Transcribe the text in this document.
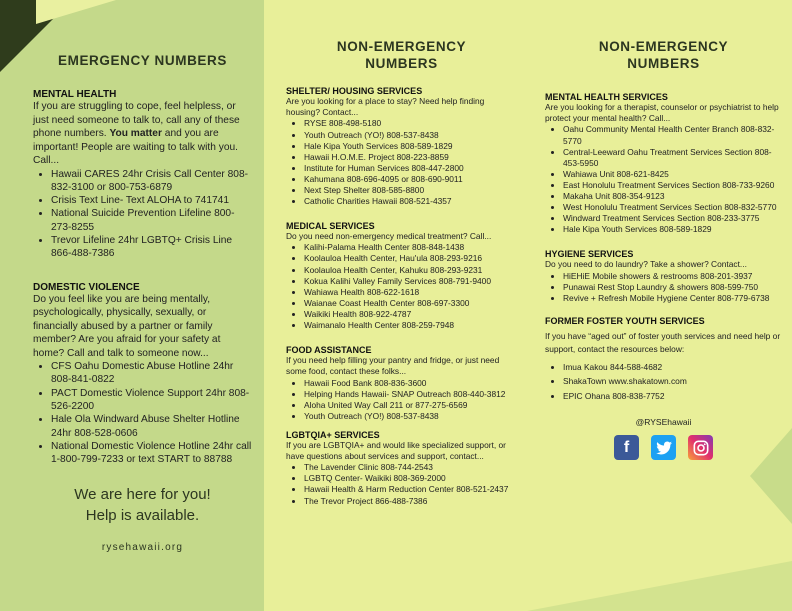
EMERGENCY NUMBERS

MENTAL HEALTH

If you are struggling to cope, feel helpless, or just need someone to talk to, call any of these phone numbers. You matter and you are important! People are waiting to talk with you. Call...

• Hawaii CARES 24hr Crisis Call Center 808-832-3100 or 800-753-6879
• Crisis Text Line- Text ALOHA to 741741
• National Suicide Prevention Lifeline 800-273-8255
• Trevor Lifeline 24hr LGBTQ+ Crisis Line 866-488-7386

DOMESTIC VIOLENCE

Do you feel like you are being mentally, psychologically, physically, sexually, or financially abused by a partner or family member? Are you afraid for your safety at home? Call and talk to someone now...

• CFS Oahu Domestic Abuse Hotline 24hr 808-841-0822
• PACT Domestic Violence Support 24hr 808-526-2200
• Hale Ola Windward Abuse Shelter Hotline 24hr 808-528-0606
• National Domestic Violence Hotline 24hr call 1-800-799-7233 or text START to 88788
We are here for you!
Help is available.
rysehawaii.org
NON-EMERGENCY
NUMBERS

SHELTER/ HOUSING SERVICES

Are you looking for a place to stay? Need help finding housing? Contact...

• RYSE 808-498-5180
• Youth Outreach (YO!) 808-537-8438
• Hale Kipa Youth Services 808-589-1829
• Hawaii H.O.M.E. Project 808-223-8859
• Institute for Human Services 808-447-2800
• Kahumana 808-696-4095 or 808-690-9011
• Next Step Shelter 808-585-8800
• Catholic Charities Hawaii 808-521-4357

MEDICAL SERVICES

Do you need non-emergency medical treatment? Call...

• Kalihi-Palama Health Center 808-848-1438
• Koolauloa Health Center, Hau'ula 808-293-9216
• Koolauloa Health Center, Kahuku 808-293-9231
• Kokua Kalihi Valley Family Services 808-791-9400
• Wahiawa Health 808-622-1618
• Waianae Coast Health Center 808-697-3300
• Waikiki Health 808-922-4787
• Waimanalo Health Center 808-259-7948

FOOD ASSISTANCE

If you need help filling your pantry and fridge, or just need some food, contact these folks...

• Hawaii Food Bank 808-836-3600
• Helping Hands Hawaii- SNAP Outreach 808-440-3812
• Aloha United Way Call 211 or 877-275-6569
• Youth Outreach (YO!) 808-537-8438

LGBTQIA+ SERVICES

If you are LGBTQIA+ and would like specialized support, or have questions about services and support, contact...

• The Lavender Clinic 808-744-2543
• LGBTQ Center- Waikiki 808-369-2000
• Hawaii Health & Harm Reduction Center 808-521-2437
• The Trevor Project 866-488-7386
NON-EMERGENCY
NUMBERS

MENTAL HEALTH SERVICES

Are you looking for a therapist, counselor or psychiatrist to help protect your mental health? Call...

• Oahu Community Mental Health Center Branch 808-832-5770
• Central-Leeward Oahu Treatment Services Section 808-453-5950
• Wahiawa Unit 808-621-8425
• East Honolulu Treatment Services Section 808-733-9260
• Makaha Unit 808-354-9123
• West Honolulu Treatment Services Section 808-832-5770
• Windward Treatment Services Section 808-233-3775
• Hale Kipa Youth Services 808-589-1829

HYGIENE SERVICES

Do you need to do laundry? Take a shower? Contact...

• HiEHiE Mobile showers & restrooms 808-201-3937
• Punawai Rest Stop Laundry & showers 808-599-750
• Revive + Refresh Mobile Hygiene Center 808-779-6738

FORMER FOSTER YOUTH SERVICES

If you have “aged out” of foster youth services and need help or support, contact the resources below:

• Imua Kakou 844-588-4682
• ShakaTown www.shakatown.com
• EPIC Ohana 808-838-7752
@RYSEhawaii
f
